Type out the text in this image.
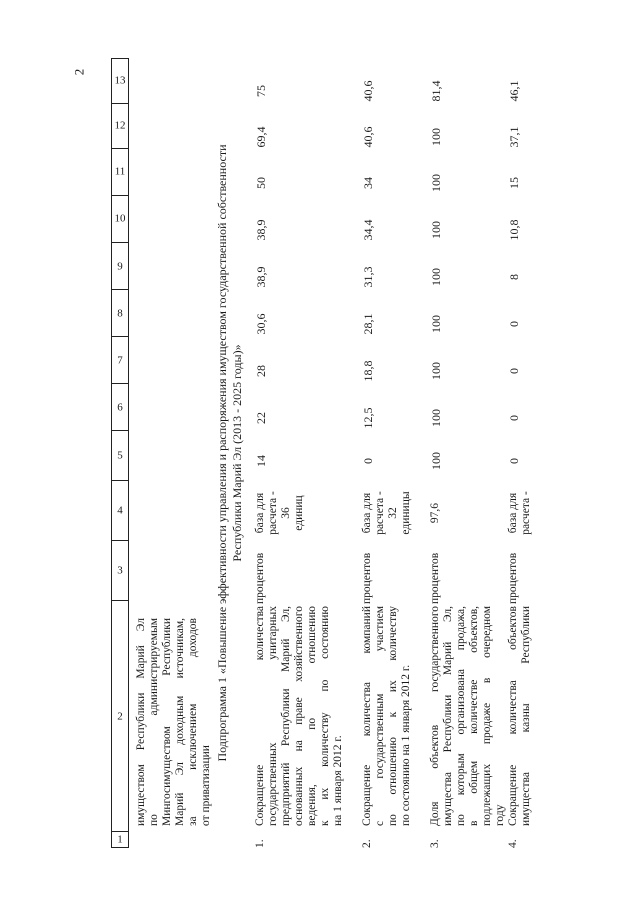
2
1
2
3
4
5
6
7
8
9
10
11
12
13
имуществом Республики Марий Эл по администрируемым Мингосимуществом Республики Марий Эл доходным источникам, за исключением доходов от приватизации
Подпрограмма 1 «Повышение эффективности управления и распоряжения имуществом государственной собственности Республики Марий Эл (2013 - 2025 годы)»
1.
Сокращение количества государственных унитарных предприятий Республики Марий Эл, основанных на праве хозяйственного ведения, по отношению к их количеству по состоянию на 1 января 2012 г.
процентов
база для расчета - 36 единиц
14
22
28
30,6
38,9
38,9
50
69,4
75
2.
Сокращение количества компаний с государственным участием по отношению к их количеству по состоянию на 1 января 2012 г.
процентов
база для расчета - 32 единицы
0
12,5
18,8
28,1
31,3
34,4
34
40,6
40,6
3.
Доля объектов государственного имущества Республики Марий Эл, по которым организована продажа, в общем количестве объектов, подлежащих продаже в очередном году
процентов
97,6
100
100
100
100
100
100
100
100
81,4
4.
Сокращение количества объектов имущества казны Республики
процентов
база для расчета -
0
0
0
0
8
10,8
15
37,1
46,1
